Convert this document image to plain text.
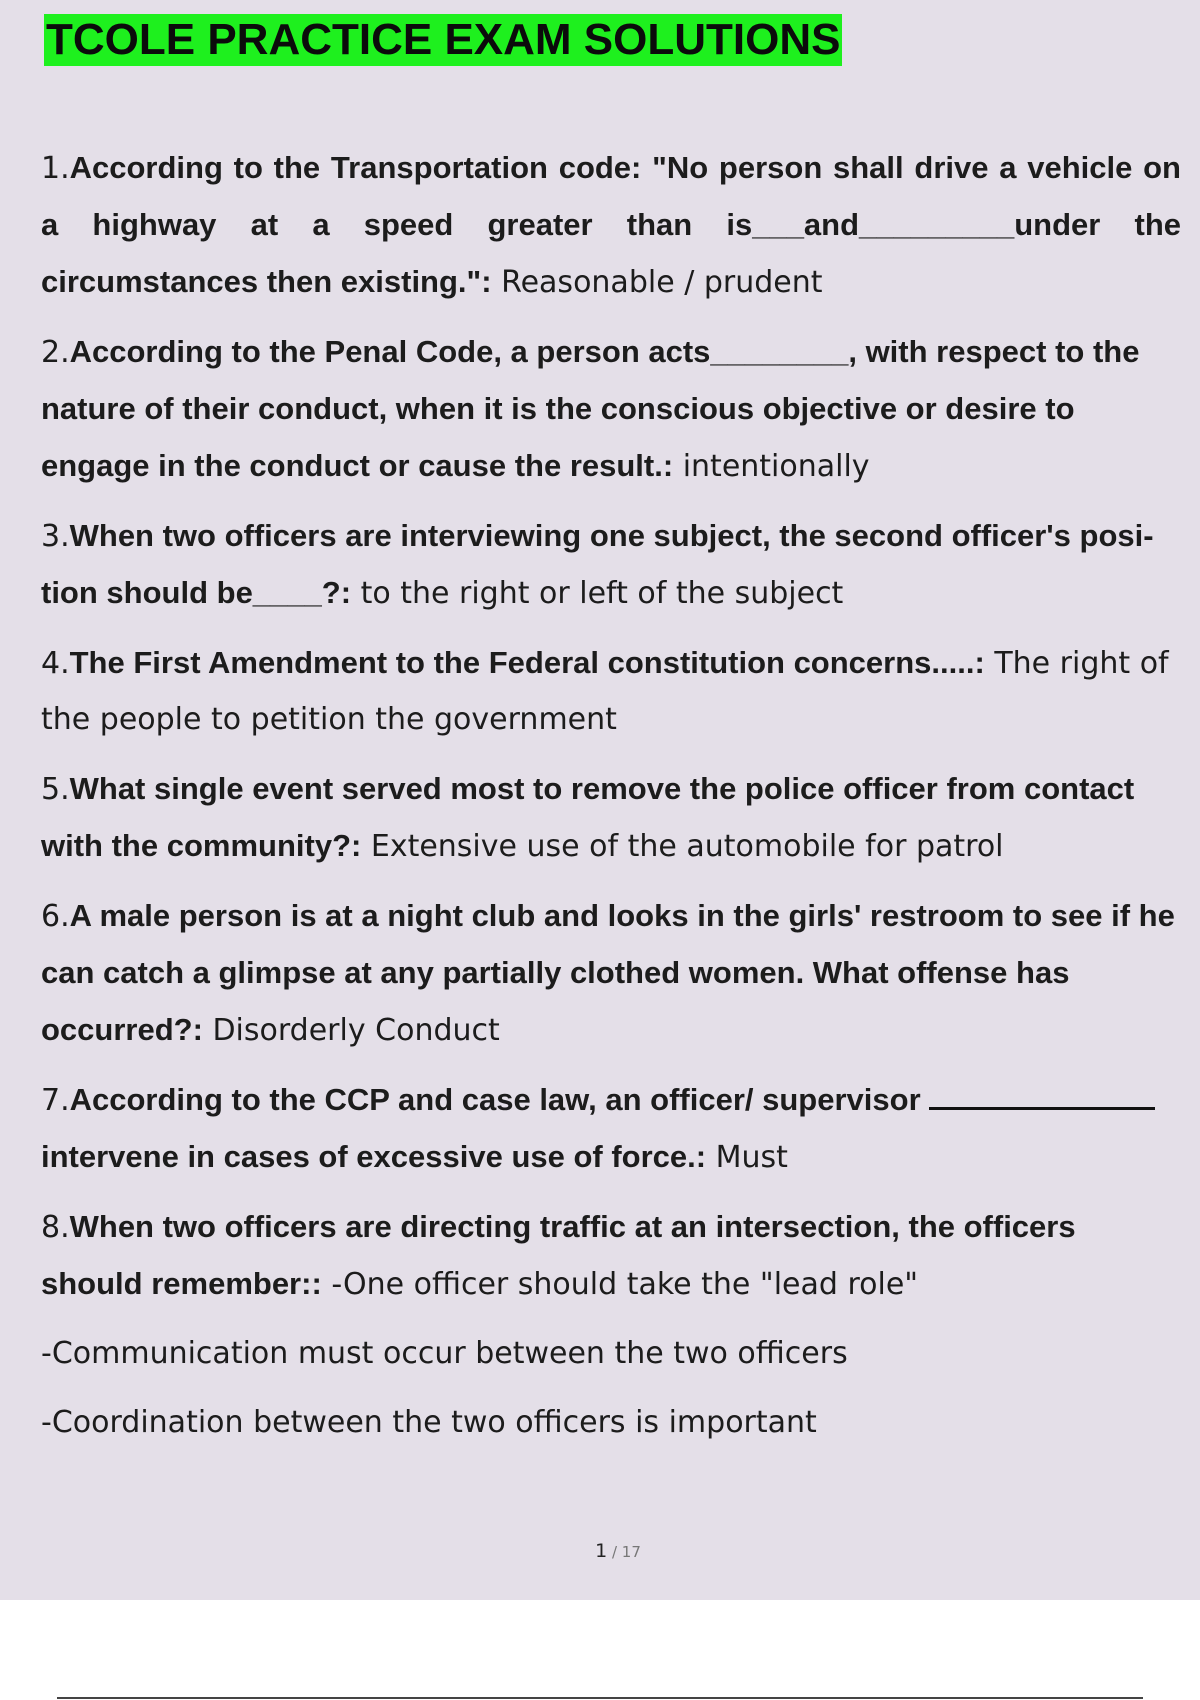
TCOLE PRACTICE EXAM SOLUTIONS
1.According to the Transportation code: "No person shall drive a vehicle on a highway at a speed greater than is___and_________under the circumstances then existing.": Reasonable / prudent
2.According to the Penal Code, a person acts________, with respect to the nature of their conduct, when it is the conscious objective or desire to engage in the conduct or cause the result.: intentionally
3.When two officers are interviewing one subject, the second officer's posi- tion should be____?: to the right or left of the subject
4.The First Amendment to the Federal constitution concerns.....: The right of the people to petition the government
5.What single event served most to remove the police officer from contact with the community?: Extensive use of the automobile for patrol
6.A male person is at a night club and looks in the girls' restroom to see if he can catch a glimpse at any partially clothed women. What offense has occurred?: Disorderly Conduct
7.According to the CCP and case law, an officer/ supervisor  intervene in cases of excessive use of force.: Must
8.When two officers are directing traffic at an intersection, the officers should remember:: -One officer should take the "lead role"
-Communication must occur between the two officers
-Coordination between the two officers is important
1 / 17
